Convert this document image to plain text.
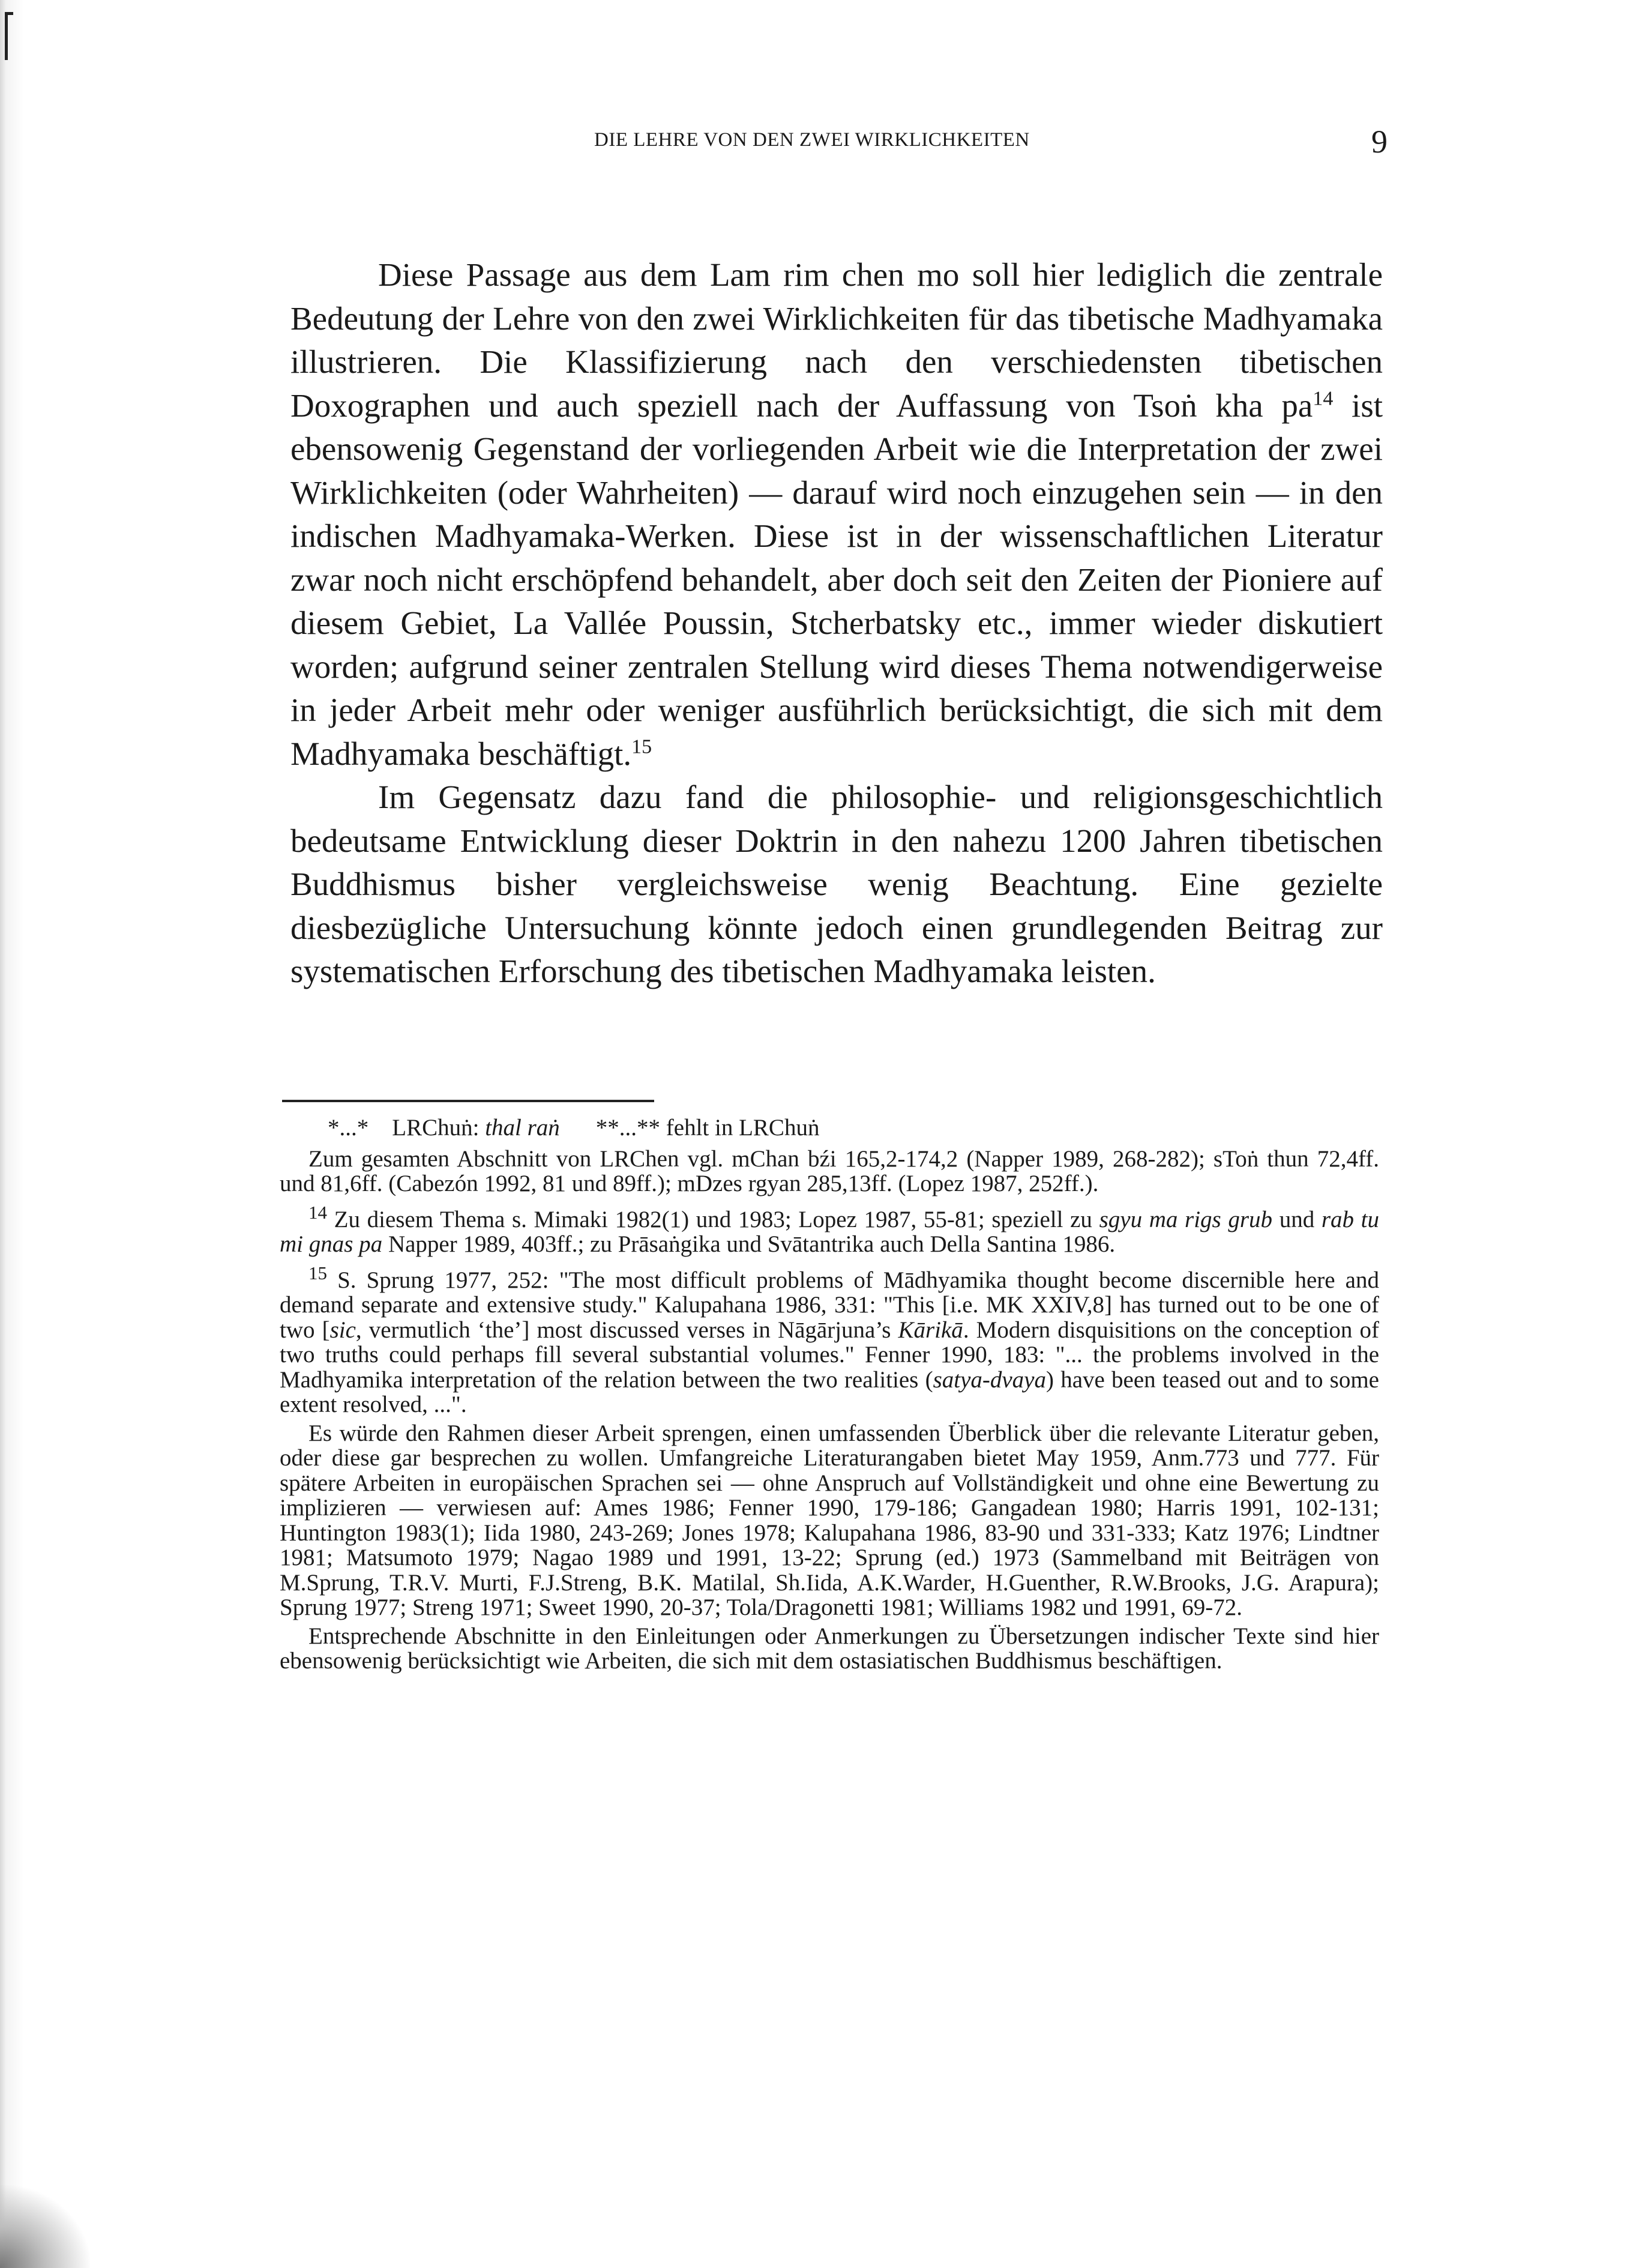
DIE LEHRE VON DEN ZWEI WIRKLICHKEITEN	9

Diese Passage aus dem Lam rim chen mo soll hier lediglich die zentrale Bedeutung der Lehre von den zwei Wirklichkeiten für das tibetische Madhyamaka illustrieren. Die Klassifizierung nach den verschiedensten tibetischen Doxographen und auch speziell nach der Auffassung von Tsoṅ kha $pa^{14}$ ist ebensowenig Gegenstand der vorliegenden Arbeit wie die Interpretation der zwei Wirklichkeiten (oder Wahrheiten) — darauf wird noch einzugehen sein — in den indischen Madhyamaka-Werken. Diese ist in der wissenschaftlichen Literatur zwar noch nicht erschöpfend behandelt, aber doch seit den Zeiten der Pioniere auf diesem Gebiet, La Vallée Poussin, Stcherbatsky etc., immer wieder diskutiert worden; aufgrund seiner zentralen Stellung wird dieses Thema notwendigerweise in jeder Arbeit mehr oder weniger ausführlich berücksichtigt, die sich mit dem Madhyamaka beschäftigt.$^{15}$

Im Gegensatz dazu fand die philosophie- und religionsgeschichtlich bedeutsame Entwicklung dieser Doktrin in den nahezu 1200 Jahren tibetischen Buddhismus bisher vergleichsweise wenig Beachtung. Eine gezielte diesbezügliche Untersuchung könnte jedoch einen grundlegenden Beitrag zur systematischen Erforschung des tibetischen Madhyamaka leisten.

*...* LRChuṅ: thal raṅ **...** fehlt in LRChuṅ

Zum gesamten Abschnitt von LRChen vgl. mChan bźi 165,2-174,2 (Napper 1989, 268-282); sToṅ thun 72,4ff. und 81,6ff. (Cabezón 1992, 81 und 89ff.); mDzes rgyan 285,13ff. (Lopez 1987, 252ff.).

$^{14}$ Zu diesem Thema s. Mimaki 1982(1) und 1983; Lopez 1987, 55-81; speziell zu sgyu ma rigs grub und rab tu mi gnas pa Napper 1989, 403ff.; zu Prāsaṅgika und Svātantrika auch Della Santina 1986.

$^{15}$ S. Sprung 1977, 252: "The most difficult problems of Mādhyamika thought become discernible here and demand separate and extensive study." Kalupahana 1986, 331: "This [i.e. MK XXIV,8] has turned out to be one of two [sic, vermutlich ‘the’] most discussed verses in Nāgārjuna’s Kārikā. Modern disquisitions on the conception of two truths could perhaps fill several substantial volumes." Fenner 1990, 183: "... the problems involved in the Madhyamika interpretation of the relation between the two realities (satya-dvaya) have been teased out and to some extent resolved, ...".

Es würde den Rahmen dieser Arbeit sprengen, einen umfassenden Überblick über die relevante Literatur geben, oder diese gar besprechen zu wollen. Umfangreiche Literaturangaben bietet May 1959, Anm.773 und 777. Für spätere Arbeiten in europäischen Sprachen sei — ohne Anspruch auf Vollständigkeit und ohne eine Bewertung zu implizieren — verwiesen auf: Ames 1986; Fenner 1990, 179-186; Gangadean 1980; Harris 1991, 102-131; Huntington 1983(1); Iida 1980, 243-269; Jones 1978; Kalupahana 1986, 83-90 und 331-333; Katz 1976; Lindtner 1981; Matsumoto 1979; Nagao 1989 und 1991, 13-22; Sprung (ed.) 1973 (Sammelband mit Beiträgen von M.Sprung, T.R.V. Murti, F.J.Streng, B.K. Matilal, Sh.Iida, A.K.Warder, H.Guenther, R.W.Brooks, J.G. Arapura); Sprung 1977; Streng 1971; Sweet 1990, 20-37; Tola/Dragonetti 1981; Williams 1982 und 1991, 69-72.

Entsprechende Abschnitte in den Einleitungen oder Anmerkungen zu Übersetzungen indischer Texte sind hier ebensowenig berücksichtigt wie Arbeiten, die sich mit dem ostasiatischen Buddhismus beschäftigen.
